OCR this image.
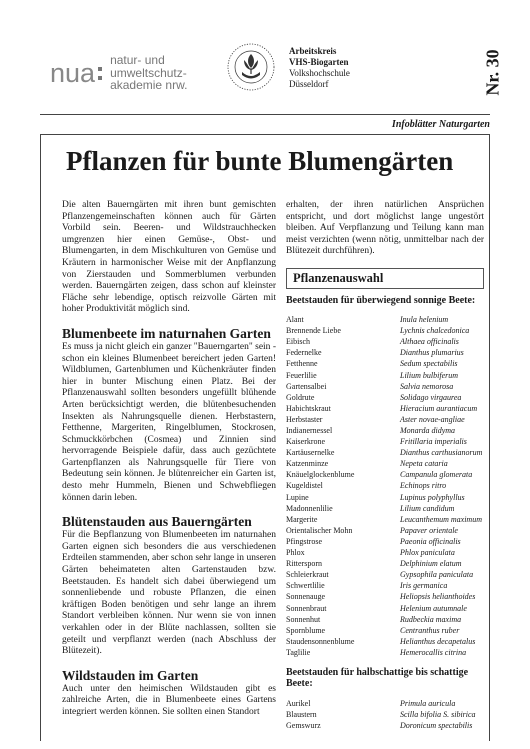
nua natur- und
umweltschutz-
akademie nrw.
Arbeitskreis
VHS-Biogarten
Volkshochschule
Düsseldorf	Nr. 30
Infoblätter Naturgarten
Pflanzen für bunte Blumengärten

Die alten Bauerngärten mit ihren bunt gemischten Pflanzengemeinschaften können auch für Gärten Vorbild sein. Beeren- und Wildstrauchhecken umgrenzen hier einen Gemüse-, Obst- und Blumengarten, in dem Mischkulturen von Gemüse und Kräutern in harmonischer Weise mit der Anpflanzung von Zierstauden und Sommerblumen verbunden werden. Bauerngärten zeigen, dass schon auf kleinster Fläche sehr lebendige, optisch reizvolle Gärten mit hoher Produktivität möglich sind.

Blumenbeete im naturnahen Garten

Es muss ja nicht gleich ein ganzer "Bauerngarten" sein - schon ein kleines Blumenbeet bereichert jeden Garten! Wildblumen, Gartenblumen und Küchenkräuter finden hier in bunter Mischung einen Platz. Bei der Pflanzenauswahl sollten besonders ungefüllt blühende Arten berücksichtigt werden, die blütenbesuchenden Insekten als Nahrungsquelle dienen. Herbstastern, Fetthenne, Margeriten, Ringelblumen, Stockrosen, Schmuckkörbchen (Cosmea) und Zinnien sind hervorragende Beispiele dafür, dass auch gezüchtete Gartenpflanzen als Nahrungsquelle für Tiere von Bedeutung sein können. Je blütenreicher ein Garten ist, desto mehr Hummeln, Bienen und Schwebfliegen können darin leben.

Blütenstauden aus Bauerngärten

Für die Bepflanzung von Blumenbeeten im naturnahen Garten eignen sich besonders die aus verschiedenen Erdteilen stammenden, aber schon sehr lange in unseren Gärten beheimateten alten Gartenstauden bzw. Beetstauden. Es handelt sich dabei überwiegend um sonnenliebende und robuste Pflanzen, die einen kräftigen Boden benötigen und sehr lange an ihrem Standort verbleiben können. Nur wenn sie von innen verkahlen oder in der Blüte nachlassen, sollten sie geteilt und verpflanzt werden (nach Abschluss der Blütezeit).

Wildstauden im Garten

Auch unter den heimischen Wildstauden gibt es zahlreiche Arten, die in Blumenbeete eines Gartens integriert werden können. Sie sollten einen Standort

erhalten, der ihren natürlichen Ansprüchen entspricht, und dort möglichst lange ungestört bleiben. Auf Verpflanzung und Teilung kann man meist verzichten (wenn nötig, unmittelbar nach der Blütezeit durchführen).

Pflanzenauswahl
Beetstauden für überwiegend sonnige Beete:
Alant	Inula helenium
Brennende Liebe	Lychnis chalcedonica
Eibisch	Althaea officinalis
Federnelke	Dianthus plumarius
Fetthenne	Sedum spectabilis
Feuerlilie	Lilium bulbiferum
Gartensalbei	Salvia nemorosa
Goldrute	Solidago virgaurea
Habichtskraut	Hieracium aurantiacum
Herbstaster	Aster novae-angliae
Indianernessel	Monarda didyma
Kaiserkrone	Fritillaria imperialis
Kartäusernelke	Dianthus carthusianorum
Katzenminze	Nepeta cataria
Knäuelglockenblume	Campanula glomerata
Kugeldistel	Echinops ritro
Lupine	Lupinus polyphyllus
Madonnenlilie	Lilium candidum
Margerite	Leucanthemum maximum
Orientalischer Mohn	Papaver orientale
Pfingstrose	Paeonia officinalis
Phlox	Phlox paniculata
Rittersporn	Delphinium elatum
Schleierkraut	Gypsophila paniculata
Schwertlilie	Iris germanica
Sonnenauge	Heliopsis helianthoides
Sonnenbraut	Helenium autumnale
Sonnenhut	Rudbeckia maxima
Spornblume	Centranthus ruber
Staudensonnenblume	Helianthus decapetalus
Taglilie	Hemerocallis citrina
Beetstauden für halbschattige bis schattige Beete:
Aurikel	Primula auricula
Blaustern	Scilla bifolia S. sibirica
Gemswurz	Doronicum spectabilis
